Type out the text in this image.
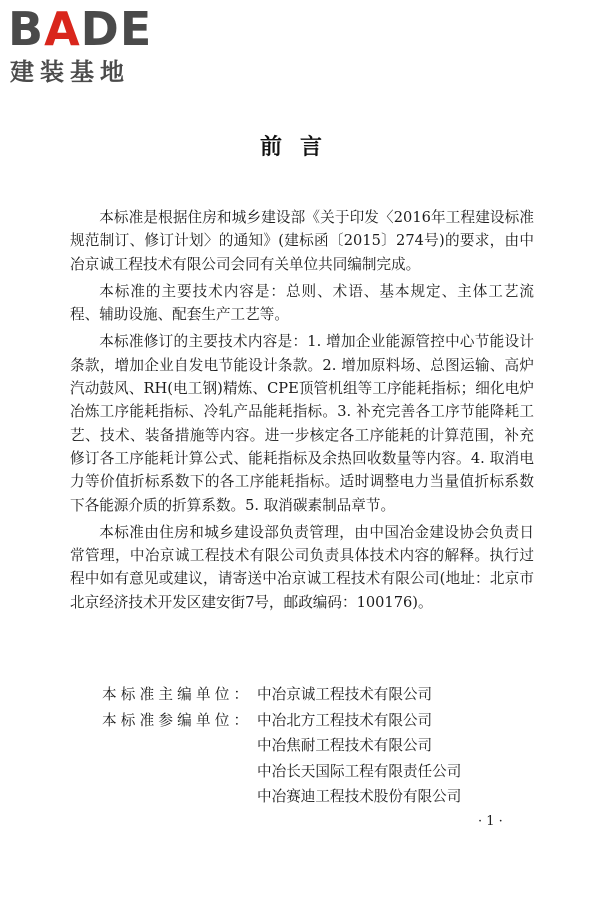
BADE
建装基地
前言

本标准是根据住房和城乡建设部《关于印发〈2016年工程建设标准规范制订、修订计划〉的通知》(建标函〔2015〕274号)的要求，由中冶京诚工程技术有限公司会同有关单位共同编制完成。

本标准的主要技术内容是：总则、术语、基本规定、主体工艺流程、辅助设施、配套生产工艺等。

本标准修订的主要技术内容是：1. 增加企业能源管控中心节能设计条款，增加企业自发电节能设计条款。2. 增加原料场、总图运输、高炉汽动鼓风、RH(电工钢)精炼、CPE顶管机组等工序能耗指标；细化电炉冶炼工序能耗指标、冷轧产品能耗指标。3. 补充完善各工序节能降耗工艺、技术、装备措施等内容。进一步核定各工序能耗的计算范围，补充修订各工序能耗计算公式、能耗指标及余热回收数量等内容。4. 取消电力等价值折标系数下的各工序能耗指标。适时调整电力当量值折标系数下各能源介质的折算系数。5. 取消碳素制品章节。

本标准由住房和城乡建设部负责管理，由中国冶金建设协会负责日常管理，中冶京诚工程技术有限公司负责具体技术内容的解释。执行过程中如有意见或建议，请寄送中冶京诚工程技术有限公司(地址：北京市北京经济技术开发区建安街7号，邮政编码：100176)。

本标准主编单位： 中冶京诚工程技术有限公司
本标准参编单位： 中冶北方工程技术有限公司
中冶焦耐工程技术有限公司
中冶长天国际工程有限责任公司
中冶赛迪工程技术股份有限公司
· 1 ·
